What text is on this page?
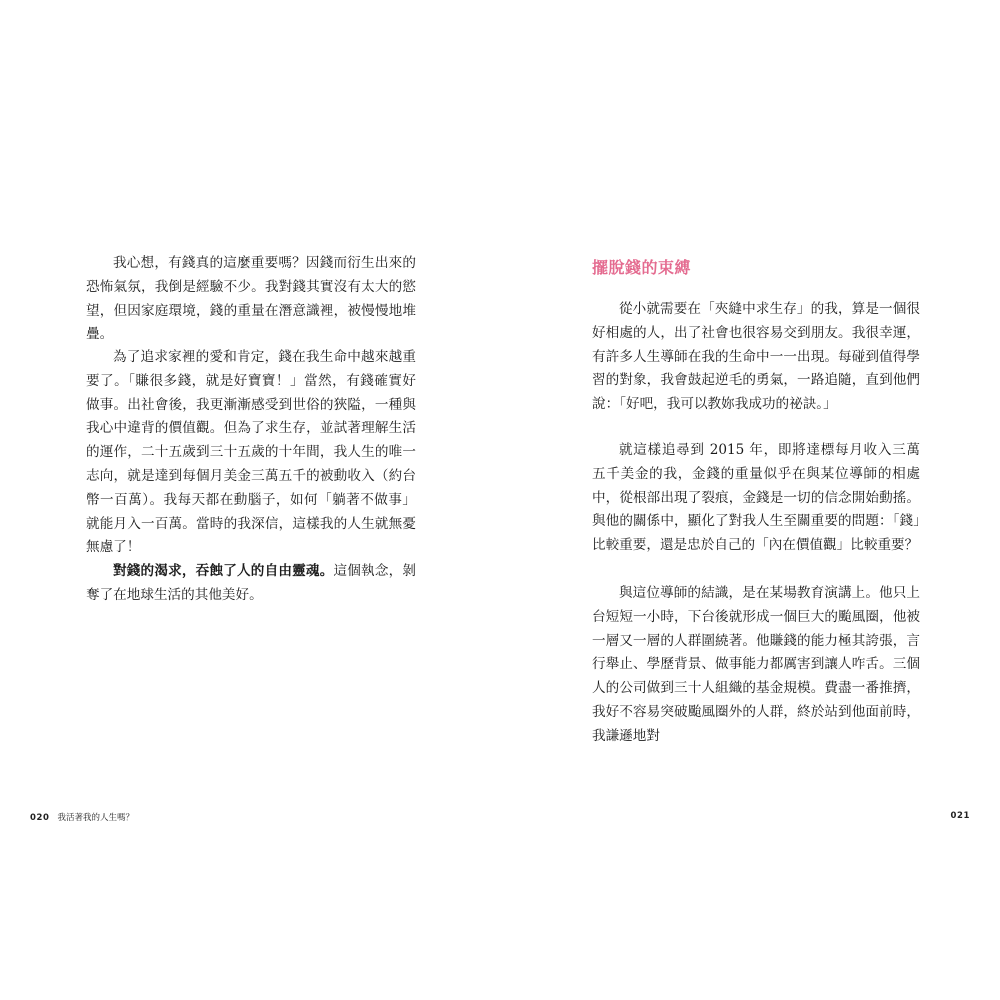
我心想，有錢真的這麼重要嗎？因錢而衍生出來的恐怖氣氛，我倒是經驗不少。我對錢其實沒有太大的慾望，但因家庭環境，錢的重量在潛意識裡，被慢慢地堆疊。

為了追求家裡的愛和肯定，錢在我生命中越來越重要了。「賺很多錢，就是好寶寶！」當然，有錢確實好做事。出社會後，我更漸漸感受到世俗的狹隘，一種與我心中違背的價值觀。但為了求生存，並試著理解生活的運作，二十五歲到三十五歲的十年間，我人生的唯一志向，就是達到每個月美金三萬五千的被動收入（約台幣一百萬）。我每天都在動腦子，如何「躺著不做事」就能月入一百萬。當時的我深信，這樣我的人生就無憂無慮了！

對錢的渴求，吞蝕了人的自由靈魂。這個執念，剝奪了在地球生活的其他美好。

擺脫錢的束縛

從小就需要在「夾縫中求生存」的我，算是一個很好相處的人，出了社會也很容易交到朋友。我很幸運，有許多人生導師在我的生命中一一出現。每碰到值得學習的對象，我會鼓起逆毛的勇氣，一路追隨，直到他們說：「好吧，我可以教妳我成功的祕訣。」

就這樣追尋到 2015 年，即將達標每月收入三萬五千美金的我，金錢的重量似乎在與某位導師的相處中，從根部出現了裂痕，金錢是一切的信念開始動搖。與他的關係中，顯化了對我人生至關重要的問題：「錢」比較重要，還是忠於自己的「內在價值觀」比較重要？

與這位導師的結識，是在某場教育演講上。他只上台短短一小時，下台後就形成一個巨大的颱風圈，他被一層又一層的人群圍繞著。他賺錢的能力極其誇張，言行舉止、學歷背景、做事能力都厲害到讓人咋舌。三個人的公司做到三十人組織的基金規模。費盡一番推擠，我好不容易突破颱風圈外的人群，終於站到他面前時，我謙遜地對

020 我活著我的人生嗎？	021
